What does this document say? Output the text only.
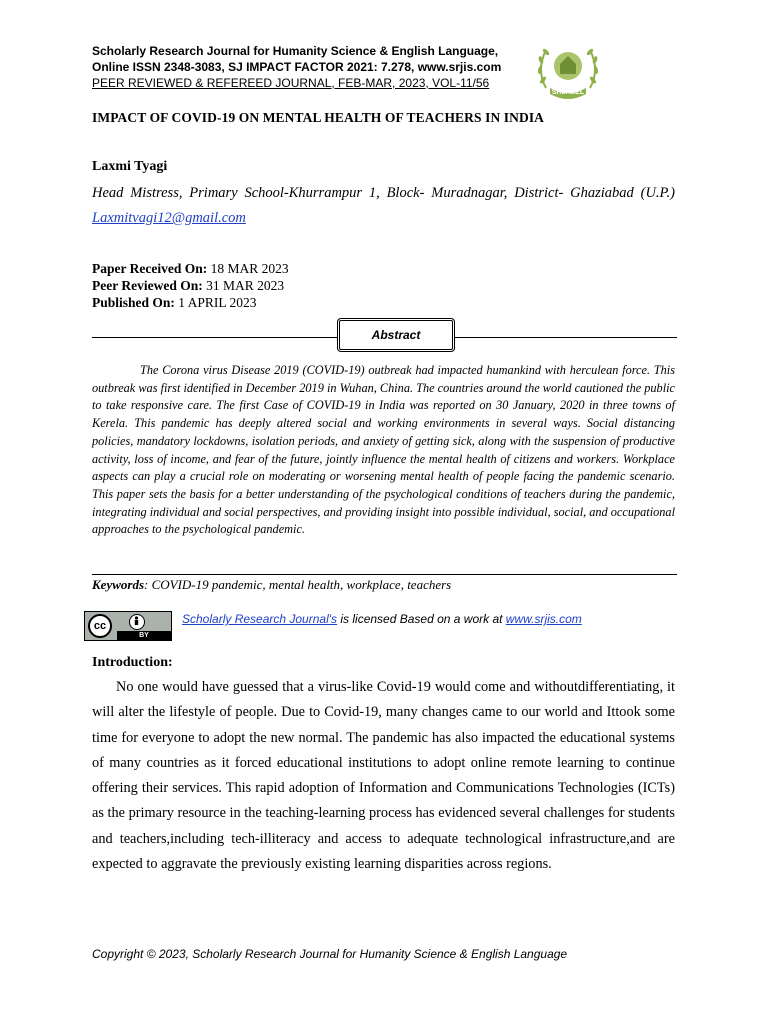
Scholarly Research Journal for Humanity Science & English Language,
Online ISSN 2348-3083, SJ IMPACT FACTOR 2021: 7.278, www.srjis.com
PEER REVIEWED & REFEREED JOURNAL, FEB-MAR, 2023, VOL-11/56
SRJHSEL
IMPACT OF COVID-19 ON MENTAL HEALTH OF TEACHERS IN INDIA
Laxmi Tyagi
Head Mistress, Primary School-Khurrampur 1, Block- Muradnagar, District- Ghaziabad (U.P.) Laxmitvagi12@gmail.com
Paper Received On: 18 MAR 2023
Peer Reviewed On: 31 MAR 2023
Published On: 1 APRIL 2023
Abstract

The Corona virus Disease 2019 (COVID-19) outbreak had impacted humankind with herculean force. This outbreak was first identified in December 2019 in Wuhan, China. The countries around the world cautioned the public to take responsive care. The first Case of COVID-19 in India was reported on 30 January, 2020 in three towns of Kerela. This pandemic has deeply altered social and working environments in several ways. Social distancing policies, mandatory lockdowns, isolation periods, and anxiety of getting sick, along with the suspension of productive activity, loss of income, and fear of the future, jointly influence the mental health of citizens and workers. Workplace aspects can play a crucial role on moderating or worsening mental health of people facing the pandemic scenario. This paper sets the basis for a better understanding of the psychological conditions of teachers during the pandemic, integrating individual and social perspectives, and providing insight into possible individual, social, and occupational approaches to the psychological pandemic.

Keywords: COVID-19 pandemic, mental health, workplace, teachers
cc
BY
Scholarly Research Journal's is licensed Based on a work at www.srjis.com
Introduction:

No one would have guessed that a virus-like Covid-19 would come and withoutdifferentiating, it will alter the lifestyle of people. Due to Covid-19, many changes came to our world and Ittook some time for everyone to adopt the new normal. The pandemic has also impacted the educational systems of many countries as it forced educational institutions to adopt online remote learning to continue offering their services. This rapid adoption of Information and Communications Technologies (ICTs) as the primary resource in the teaching-learning process has evidenced several challenges for students and teachers,including tech-illiteracy and access to adequate technological infrastructure,and are expected to aggravate the previously existing learning disparities across regions.

Copyright © 2023, Scholarly Research Journal for Humanity Science & English Language
